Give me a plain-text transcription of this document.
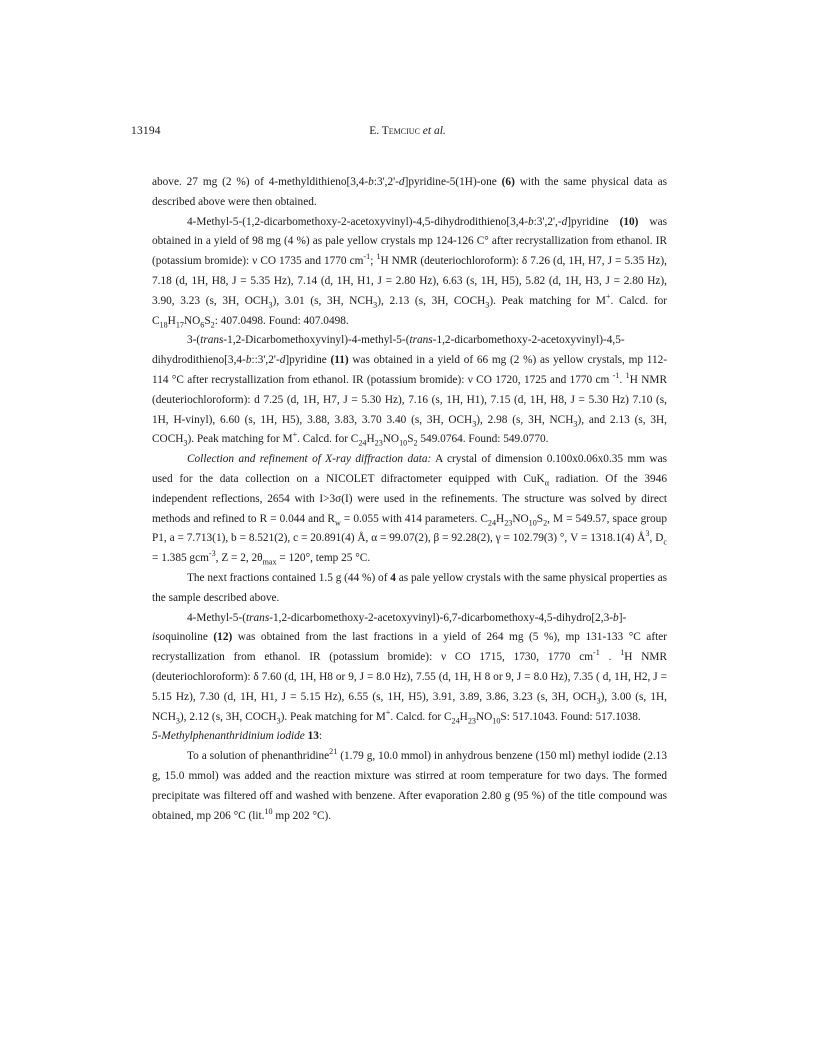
13194	E. Temciuc et al.

above. 27 mg (2 %) of 4-methyldithieno[3,4-b:3',2'-d]pyridine-5(1H)-one (6) with the same physical data as described above were then obtained.

4-Methyl-5-(1,2-dicarbomethoxy-2-acetoxyvinyl)-4,5-dihydrodithieno[3,4-b:3',2',-d]pyridine (10) was obtained in a yield of 98 mg (4 %) as pale yellow crystals mp 124-126 C° after recrystallization from ethanol. IR (potassium bromide): ν CO 1735 and 1770 $cm^{-1}$; $^1$H NMR (deuteriochloroform): δ 7.26 (d, 1H, H7, J = 5.35 Hz), 7.18 (d, 1H, H8, J = 5.35 Hz), 7.14 (d, 1H, H1, J = 2.80 Hz), 6.63 (s, 1H, H5), 5.82 (d, 1H, H3, J = 2.80 Hz), 3.90, 3.23 (s, 3H, $OCH_3$), 3.01 (s, 3H, $NCH_3$), 2.13 (s, 3H, $COCH_3$). Peak matching for M+. Calcd. for $C_{18}H_{17}NO_6S_2$: 407.0498. Found: 407.0498.

3-(trans-1,2-Dicarbomethoxyvinyl)-4-methyl-5-(trans-1,2-dicarbomethoxy-2-acetoxyvinyl)-4,5-dihydrodithieno[3,4-b::3',2'-d]pyridine (11) was obtained in a yield of 66 mg (2 %) as yellow crystals, mp 112-114 °C after recrystallization from ethanol. IR (potassium bromide): ν CO 1720, 1725 and 1770 cm $^{-1}$. $^1$H NMR (deuteriochloroform): d 7.25 (d, 1H, H7, J = 5.30 Hz), 7.16 (s, 1H, H1), 7.15 (d, 1H, H8, J = 5.30 Hz) 7.10 (s, 1H, H-vinyl), 6.60 (s, 1H, H5), 3.88, 3.83, 3.70 3.40 (s, 3H, $OCH_3$), 2.98 (s, 3H, $NCH_3$), and 2.13 (s, 3H, $COCH_3$). Peak matching for M+. Calcd. for $C_{24}H_{23}NO_{10}S_2$ 549.0764. Found: 549.0770.

Collection and refinement of X-ray diffraction data: A crystal of dimension 0.100x0.06x0.35 mm was used for the data collection on a NICOLET difractometer equipped with CuK$_\alpha$ radiation. Of the 3946 independent reflections, 2654 with I>3σ(I) were used in the refinements. The structure was solved by direct methods and refined to R = 0.044 and $R_w = 0.055$ with 414 parameters. $C_{24}H_{23}NO_{10}S_2$, M = 549.57, space group P1, a = 7.713(1), b = 8.521(2), c = 20.891(4) Å, α = 99.07(2), β = 92.28(2), γ = 102.79(3) °, V = 1318.1(4) $Å^3$, $D_c = 1.385$ gcm$^{-3}$, Z = 2, $2\theta_{max} = 120^\circ$, temp 25 °C.

The next fractions contained 1.5 g (44 %) of 4 as pale yellow crystals with the same physical properties as the sample described above.

4-Methyl-5-(trans-1,2-dicarbomethoxy-2-acetoxyvinyl)-6,7-dicarbomethoxy-4,5-dihydro[2,3-b]-isoquinoline (12) was obtained from the last fractions in a yield of 264 mg (5 %), mp 131-133 °C after recrystallization from ethanol. IR (potassium bromide): ν CO 1715, 1730, 1770 $cm^{-1}$ . $^1$H NMR (deuteriochloroform): δ 7.60 (d, 1H, H8 or 9, J = 8.0 Hz), 7.55 (d, 1H, H 8 or 9, J = 8.0 Hz), 7.35 ( d, 1H, H2, J = 5.15 Hz), 7.30 (d, 1H, H1, J = 5.15 Hz), 6.55 (s, 1H, H5), 3.91, 3.89, 3.86, 3.23 (s, 3H, $OCH_3$), 3.00 (s, 1H, $NCH_3$), 2.12 (s, 3H, $COCH_3$). Peak matching for M+. Calcd. for $C_{24}H_{23}NO_{10}S$: 517.1043. Found: 517.1038.

5-Methylphenanthridinium iodide 13:

To a solution of phenanthridine$^{21}$ (1.79 g, 10.0 mmol) in anhydrous benzene (150 ml) methyl iodide (2.13 g, 15.0 mmol) was added and the reaction mixture was stirred at room temperature for two days. The formed precipitate was filtered off and washed with benzene. After evaporation 2.80 g (95 %) of the title compound was obtained, mp 206 °C (lit.$^{10}$ mp 202 °C).
